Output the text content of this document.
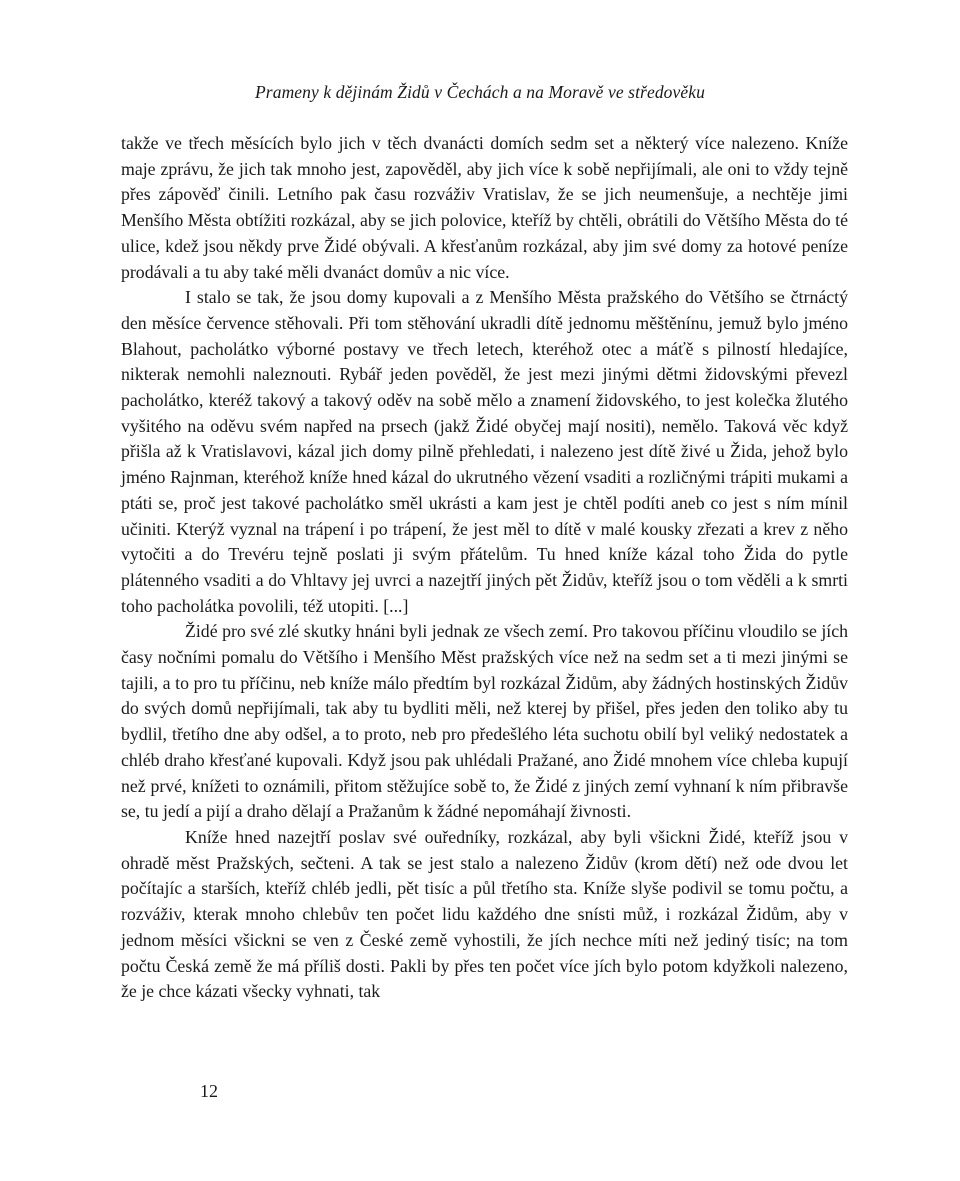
Prameny k dějinám Židů v Čechách a na Moravě ve středověku

takže ve třech měsících bylo jich v těch dvanácti domích sedm set a některý více nalezeno. Kníže maje zprávu, že jich tak mnoho jest, zapověděl, aby jich více k sobě nepřijímali, ale oni to vždy tejně přes zápověď činili. Letního pak času rozváživ Vratislav, že se jich neumenšuje, a nechtěje jimi Menšího Města obtížiti rozkázal, aby se jich polovice, kteříž by chtěli, obrátili do Většího Města do té ulice, kdež jsou někdy prve Židé obývali. A křesťanům rozkázal, aby jim své domy za hotové peníze prodávali a tu aby také měli dvanáct domův a nic více.

I stalo se tak, že jsou domy kupovali a z Menšího Města pražského do Většího se čtrnáctý den měsíce července stěhovali. Při tom stěhování ukradli dítě jednomu měštěnínu, jemuž bylo jméno Blahout, pacholátko výborné postavy ve třech letech, kteréhož otec a máťě s pilností hledajíce, nikterak nemohli naleznouti. Rybář jeden pověděl, že jest mezi jinými dětmi židovskými převezl pacholátko, kteréž takový a takový oděv na sobě mělo a znamení židovského, to jest kolečka žlutého vyšitého na oděvu svém napřed na prsech (jakž Židé obyčej mají nositi), nemělo. Taková věc když přišla až k Vratislavovi, kázal jich domy pilně přehledati, i nalezeno jest dítě živé u Žida, jehož bylo jméno Rajnman, kteréhož kníže hned kázal do ukrutného vězení vsaditi a rozličnými trápiti mukami a ptáti se, proč jest takové pacholátko směl ukrásti a kam jest je chtěl podíti aneb co jest s ním mínil učiniti. Kterýž vyznal na trápení i po trápení, že jest měl to dítě v malé kousky zřezati a krev z něho vytočiti a do Trevéru tejně poslati ji svým přátelům. Tu hned kníže kázal toho Žida do pytle plátenného vsaditi a do Vhltavy jej uvrci a nazejtří jiných pět Židův, kteříž jsou o tom věděli a k smrti toho pacholátka povolili, též utopiti. [...]

Židé pro své zlé skutky hnáni byli jednak ze všech zemí. Pro takovou příčinu vloudilo se jích časy nočními pomalu do Většího i Menšího Měst pražských více než na sedm set a ti mezi jinými se tajili, a to pro tu příčinu, neb kníže málo předtím byl rozkázal Židům, aby žádných hostinských Židův do svých domů nepřijímali, tak aby tu bydliti měli, než kterej by přišel, přes jeden den toliko aby tu bydlil, třetího dne aby odšel, a to proto, neb pro předešlého léta suchotu obilí byl veliký nedostatek a chléb draho křesťané kupovali. Když jsou pak uhlédali Pražané, ano Židé mnohem více chleba kupují než prvé, knížeti to oznámili, přitom stěžujíce sobě to, že Židé z jiných zemí vyhnaní k ním přibravše se, tu jedí a pijí a draho dělají a Pražanům k žádné nepomáhají živnosti.

Kníže hned nazejtří poslav své ouředníky, rozkázal, aby byli všickni Židé, kteříž jsou v ohradě měst Pražských, sečteni. A tak se jest stalo a nalezeno Židův (krom dětí) než ode dvou let počítajíc a starších, kteříž chléb jedli, pět tisíc a půl třetího sta. Kníže slyše podivil se tomu počtu, a rozváživ, kterak mnoho chlebův ten počet lidu každého dne snísti můž, i rozkázal Židům, aby v jednom měsíci všickni se ven z České země vyhostili, že jích nechce míti než jediný tisíc; na tom počtu Česká země že má příliš dosti. Pakli by přes ten počet více jích bylo potom kdyžkoli nalezeno, že je chce kázati všecky vyhnati, tak

12
